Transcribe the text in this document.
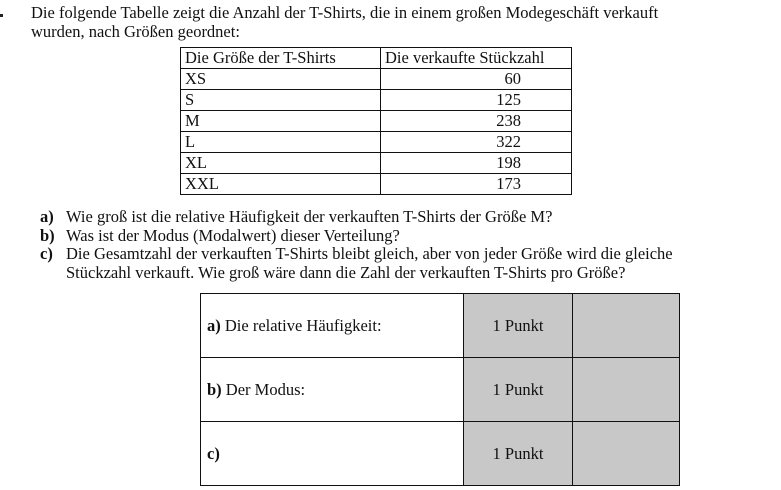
Die folgende Tabelle zeigt die Anzahl der T-Shirts, die in einem großen Modegeschäft verkauft wurden, nach Größen geordnet:
Die Größe der T-Shirts	Die verkaufte Stückzahl
XS	60
S	125
M	238
L	322
XL	198
XXL	173

a) Wie groß ist die relative Häufigkeit der verkauften T-Shirts der Größe M?

b) Was ist der Modus (Modalwert) dieser Verteilung?

c) Die Gesamtzahl der verkauften T-Shirts bleibt gleich, aber von jeder Größe wird die gleiche Stückzahl verkauft. Wie groß wäre dann die Zahl der verkauften T-Shirts pro Größe?

a) Die relative Häufigkeit:	1 Punkt	
b) Der Modus:	1 Punkt	
c)	1 Punkt	
